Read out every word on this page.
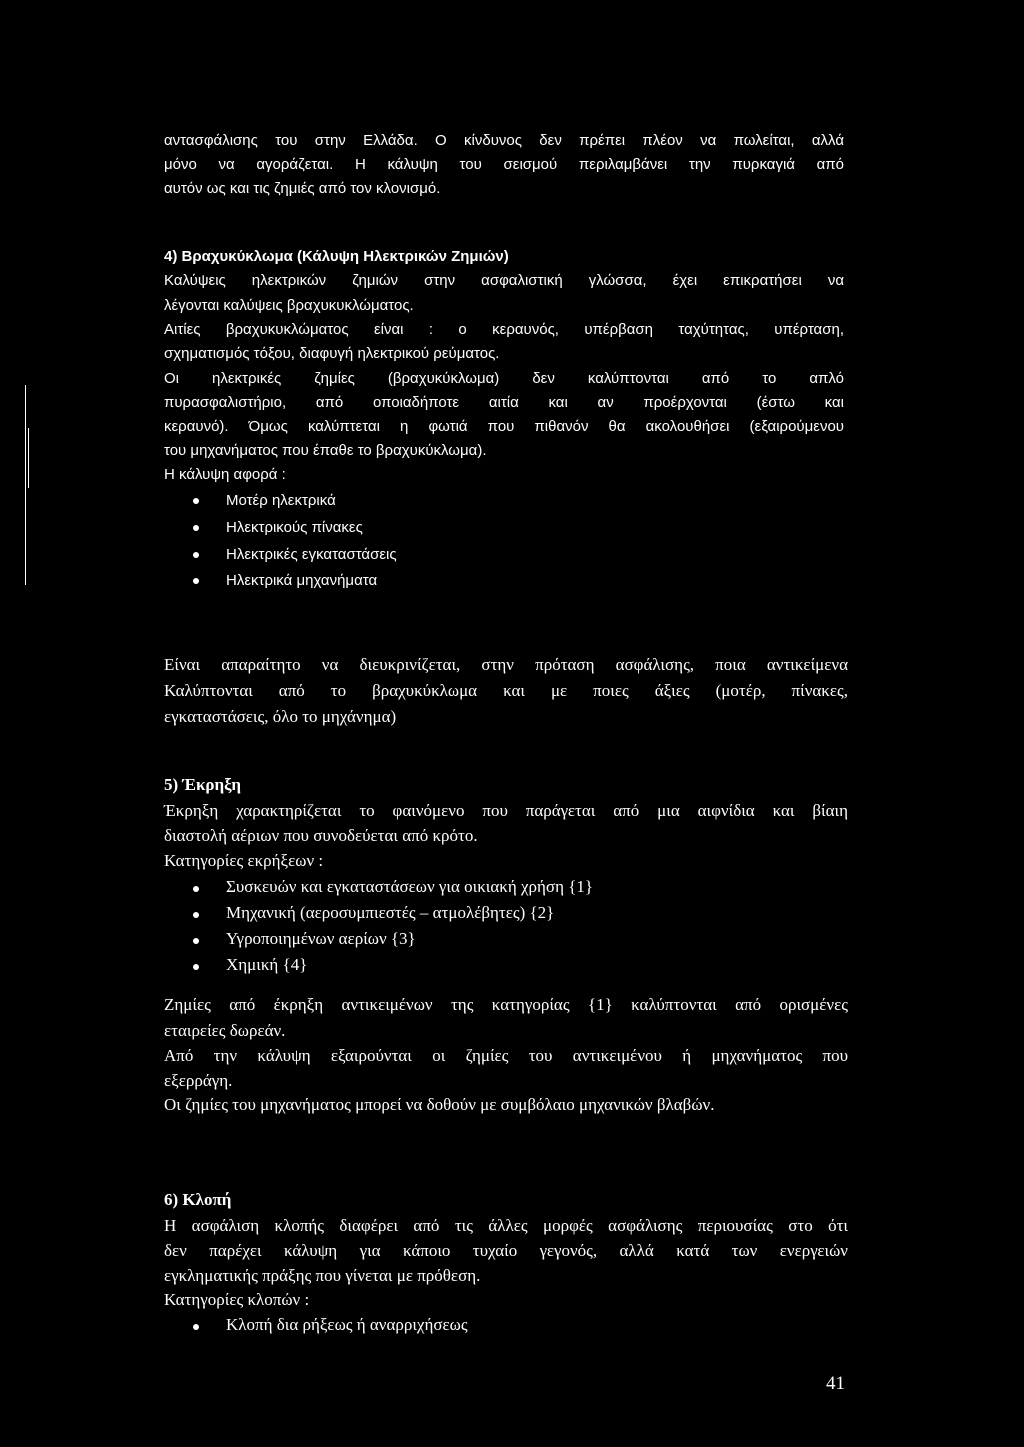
αντασφάλισης του στην Ελλάδα. Ο κίνδυνος δεν πρέπει πλέον να πωλείται, αλλά
μόνο να αγοράζεται. Η κάλυψη του σεισμού περιλαμβάνει την πυρκαγιά από
αυτόν ως και τις ζημιές από τον κλονισμό.
4) Βραχυκύκλωμα (Κάλυψη Ηλεκτρικών Ζημιών)
Καλύψεις ηλεκτρικών ζημιών στην ασφαλιστική γλώσσα, έχει επικρατήσει να
λέγονται καλύψεις βραχυκυκλώματος.
Αιτίες βραχυκυκλώματος είναι : ο κεραυνός, υπέρβαση ταχύτητας, υπέρταση,
σχηματισμός τόξου, διαφυγή ηλεκτρικού ρεύματος.
Οι ηλεκτρικές ζημίες (βραχυκύκλωμα) δεν καλύπτονται από το απλό
πυρασφαλιστήριο, από οποιαδήποτε αιτία και αν προέρχονται (έστω και
κεραυνό). Όμως καλύπτεται η φωτιά που πιθανόν θα ακολουθήσει (εξαιρούμενου
του μηχανήματος που έπαθε το βραχυκύκλωμα).
Η κάλυψη αφορά :
Μοτέρ ηλεκτρικά
Ηλεκτρικούς πίνακες
Ηλεκτρικές εγκαταστάσεις
Ηλεκτρικά μηχανήματα
Είναι απαραίτητο να διευκρινίζεται, στην πρόταση ασφάλισης, ποια αντικείμενα
Καλύπτονται από το βραχυκύκλωμα και με ποιες άξιες (μοτέρ, πίνακες,
εγκαταστάσεις, όλο το μηχάνημα)
5) Έκρηξη
Έκρηξη χαρακτηρίζεται το φαινόμενο που παράγεται από μια αιφνίδια και βίαιη
διαστολή αέριων που συνοδεύεται από κρότο.
Κατηγορίες εκρήξεων :
Συσκευών και εγκαταστάσεων για οικιακή χρήση {1}
Μηχανική (αεροσυμπιεστές – ατμολέβητες) {2}
Υγροποιημένων αερίων {3}
Χημική {4}
Ζημίες από έκρηξη αντικειμένων της κατηγορίας {1} καλύπτονται από ορισμένες
εταιρείες δωρεάν.
Από την κάλυψη εξαιρούνται οι ζημίες του αντικειμένου ή μηχανήματος που
εξερράγη.
Οι ζημίες του μηχανήματος μπορεί να δοθούν με συμβόλαιο μηχανικών βλαβών.
6) Κλοπή
Η ασφάλιση κλοπής διαφέρει από τις άλλες μορφές ασφάλισης περιουσίας στο ότι
δεν παρέχει κάλυψη για κάποιο τυχαίο γεγονός, αλλά κατά των ενεργειών
εγκληματικής πράξης που γίνεται με πρόθεση.
Κατηγορίες κλοπών :
Κλοπή δια ρήξεως ή αναρριχήσεως
41
